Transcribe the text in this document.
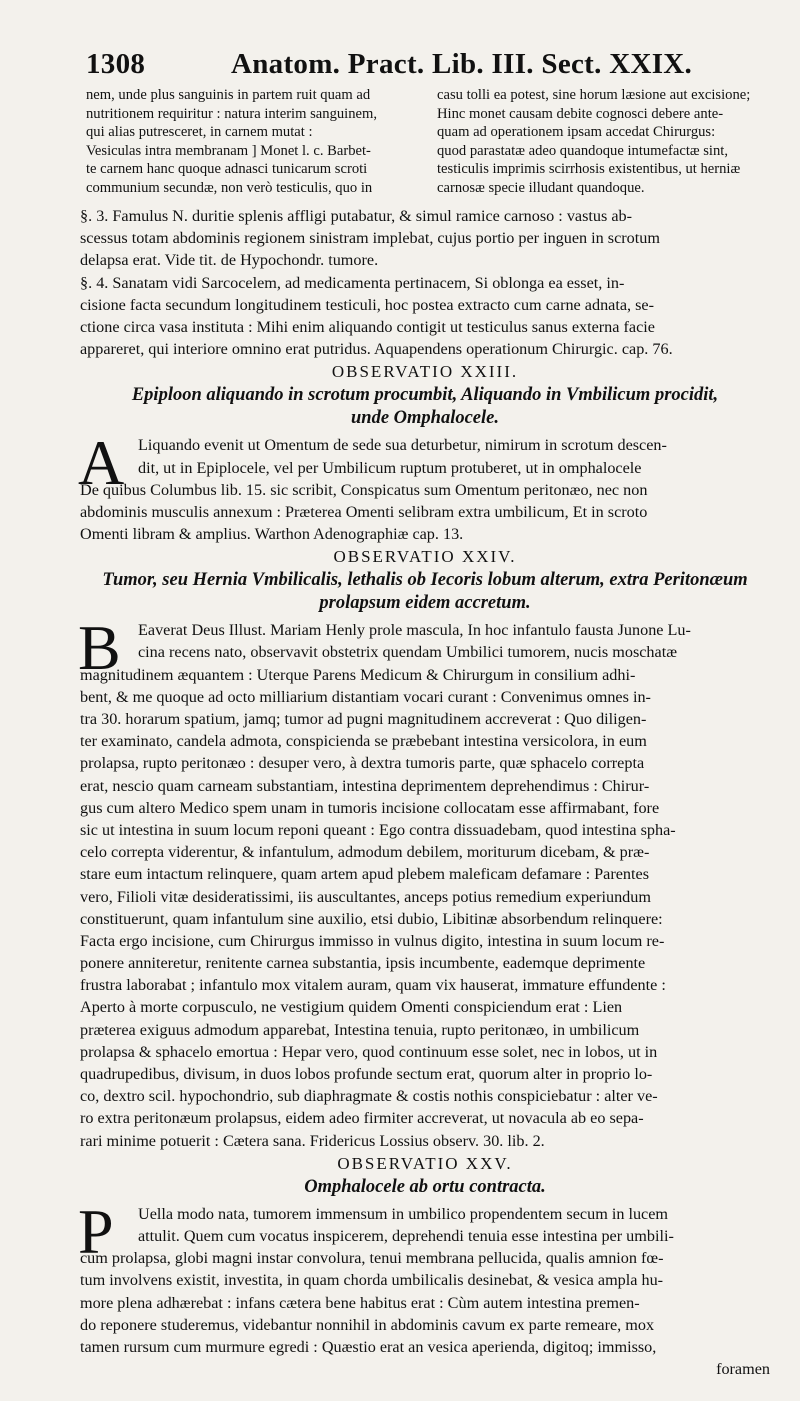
1308	Anatom. Pract. Lib. III. Sect. XXIX.
nem, unde plus sanguinis in partem ruit quam ad
nutritionem requiritur : natura interim sanguinem,
qui alias putresceret, in carnem mutat :
Vesiculas intra membranam ] Monet l. c. Barbet-
te carnem hanc quoque adnasci tunicarum scroti
communium secundæ, non verò testiculis, quo in
casu tolli ea potest, sine horum læsione aut excisione;
Hinc monet causam debite cognosci debere ante-
quam ad operationem ipsam accedat Chirurgus:
quod parastatæ adeo quandoque intumefactæ sint,
testiculis imprimis scirrhosis existentibus, ut herniæ
carnosæ specie illudant quandoque.
§. 3. Famulus N. duritie splenis affligi putabatur, & simul ramice carnoso : vastus ab-
scessus totam abdominis regionem sinistram implebat, cujus portio per inguen in scrotum
delapsa erat. Vide tit. de Hypochondr. tumore.
§. 4. Sanatam vidi Sarcocelem, ad medicamenta pertinacem, Si oblonga ea esset, in-
cisione facta secundum longitudinem testiculi, hoc postea extracto cum carne adnata, se-
ctione circa vasa instituta : Mihi enim aliquando contigit ut testiculus sanus externa facie
appareret, qui interiore omnino erat putridus. Aquapendens operationum Chirurgic. cap. 76.
OBSERVATIO XXIII.
Epiploon aliquando in scrotum procumbit, Aliquando in Vmbilicum procidit,
unde Omphalocele.
A Liquando evenit ut Omentum de sede sua deturbetur, nimirum in scrotum descen-
dit, ut in Epiplocele, vel per Umbilicum ruptum protuberet, ut in omphalocele
De quibus Columbus lib. 15. sic scribit, Conspicatus sum Omentum peritonæo, nec non
abdominis musculis annexum : Præterea Omenti selibram extra umbilicum, Et in scroto
Omenti libram & amplius. Warthon Adenographiæ cap. 13.
OBSERVATIO XXIV.
Tumor, seu Hernia Vmbilicalis, lethalis ob Iecoris lobum alterum, extra Peritonæum
prolapsum eidem accretum.
B	Eaverat Deus Illust. Mariam Henly prole mascula, In hoc infantulo fausta Junone Lu-
cina recens nato, observavit obstetrix quendam Umbilici tumorem, nucis moschatæ
magnitudinem æquantem : Uterque Parens Medicum & Chirurgum in consilium adhi-
bent, & me quoque ad octo milliarium distantiam vocari curant : Convenimus omnes in-
tra 30. horarum spatium, jamq; tumor ad pugni magnitudinem accreverat : Quo diligen-
ter examinato, candela admota, conspicienda se præbebant intestina versicolora, in eum
prolapsa, rupto peritonæo : desuper vero, à dextra tumoris parte, quæ sphacelo correpta
erat, nescio quam carneam substantiam, intestina deprimentem deprehendimus : Chirur-
gus cum altero Medico spem unam in tumoris incisione collocatam esse affirmabant, fore
sic ut intestina in suum locum reponi queant : Ego contra dissuadebam, quod intestina spha-
celo correpta viderentur, & infantulum, admodum debilem, moriturum dicebam, & præ-
stare eum intactum relinquere, quam artem apud plebem maleficam defamare : Parentes
vero, Filioli vitæ desideratissimi, iis auscultantes, anceps potius remedium experiundum
constituerunt, quam infantulum sine auxilio, etsi dubio, Libitinæ absorbendum relinquere:
Facta ergo incisione, cum Chirurgus immisso in vulnus digito, intestina in suum locum re-
ponere anniteretur, renitente carnea substantia, ipsis incumbente, eademque deprimente
frustra laborabat ; infantulo mox vitalem auram, quam vix hauserat, immature effundente :
Aperto à morte corpusculo, ne vestigium quidem Omenti conspiciendum erat : Lien
præterea exiguus admodum apparebat, Intestina tenuia, rupto peritonæo, in umbilicum
prolapsa & sphacelo emortua : Hepar vero, quod continuum esse solet, nec in lobos, ut in
quadrupedibus, divisum, in duos lobos profunde sectum erat, quorum alter in proprio lo-
co, dextro scil. hypochondrio, sub diaphragmate & costis nothis conspiciebatur : alter ve-
ro extra peritonæum prolapsus, eidem adeo firmiter accreverat, ut novacula ab eo sepa-
rari minime potuerit : Cætera sana. Fridericus Lossius observ. 30. lib. 2.
OBSERVATIO XXV.
Omphalocele ab ortu contracta.
P	Uella modo nata, tumorem immensum in umbilico propendentem secum in lucem
attulit. Quem cum vocatus inspicerem, deprehendi tenuia esse intestina per umbili-
cum prolapsa, globi magni instar convolura, tenui membrana pellucida, qualis amnion fœ-
tum involvens existit, investita, in quam chorda umbilicalis desinebat, & vesica ampla hu-
more plena adhærebat : infans cætera bene habitus erat : Cùm autem intestina premen-
do reponere studeremus, videbantur nonnihil in abdominis cavum ex parte remeare, mox
tamen rursum cum murmure egredi : Quæstio erat an vesica aperienda, digitoq; immisso,
foramen
